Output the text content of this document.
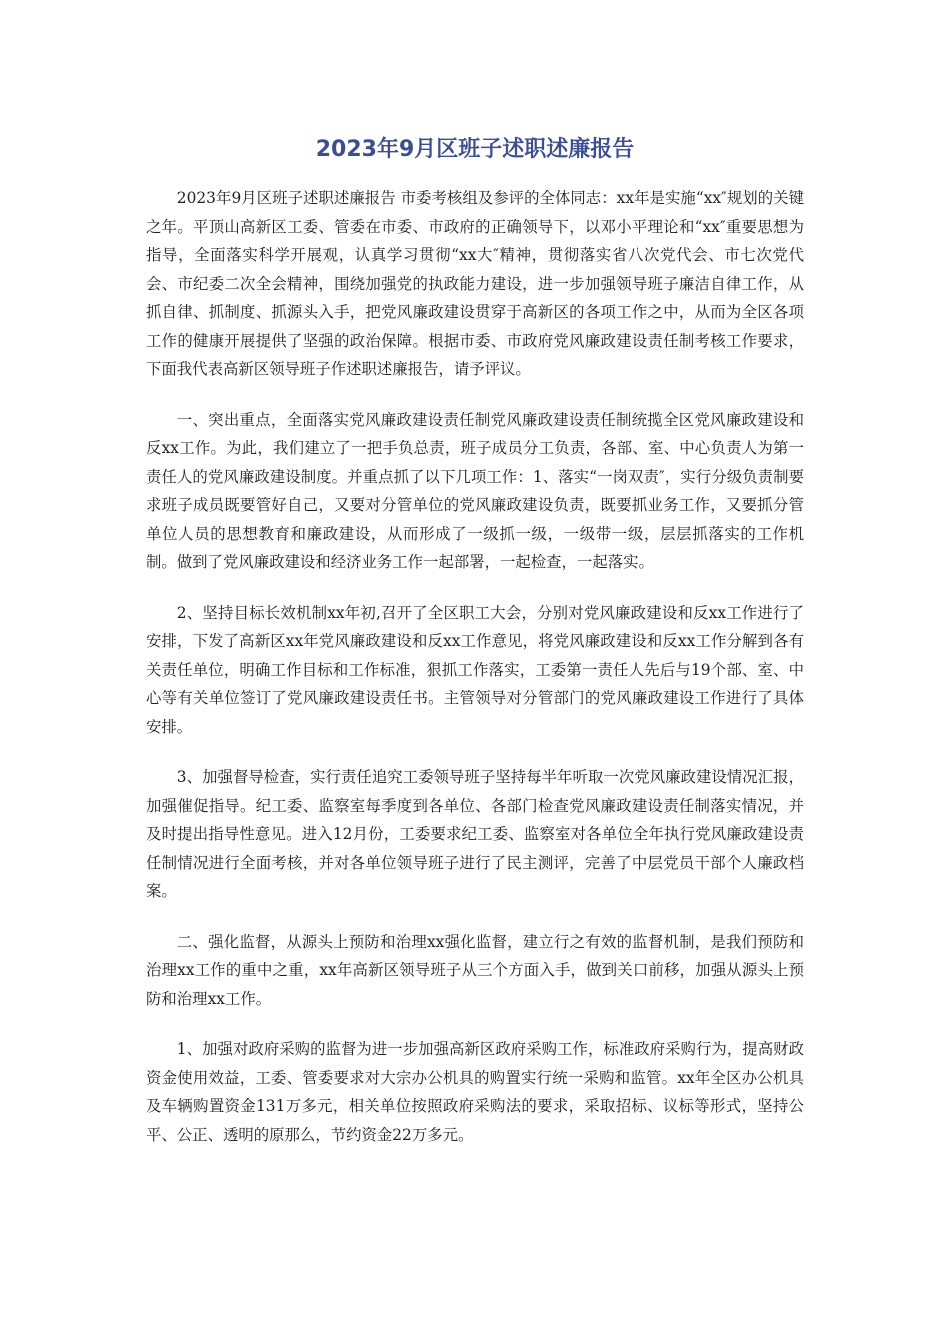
2023年9月区班子述职述廉报告

2023年9月区班子述职述廉报告 市委考核组及参评的全体同志：xx年是实施“xx″规划的关键之年。平顶山高新区工委、管委在市委、市政府的正确领导下，以邓小平理论和“xx″重要思想为指导，全面落实科学开展观，认真学习贯彻“xx大″精神，贯彻落实省八次党代会、市七次党代会、市纪委二次全会精神，围绕加强党的执政能力建设，进一步加强领导班子廉洁自律工作，从抓自律、抓制度、抓源头入手，把党风廉政建设贯穿于高新区的各项工作之中，从而为全区各项工作的健康开展提供了坚强的政治保障。根据市委、市政府党风廉政建设责任制考核工作要求，下面我代表高新区领导班子作述职述廉报告，请予评议。

一、突出重点，全面落实党风廉政建设责任制党风廉政建设责任制统揽全区党风廉政建设和反xx工作。为此，我们建立了一把手负总责，班子成员分工负责，各部、室、中心负责人为第一责任人的党风廉政建设制度。并重点抓了以下几项工作：1、落实“一岗双责″，实行分级负责制要求班子成员既要管好自己，又要对分管单位的党风廉政建设负责，既要抓业务工作，又要抓分管单位人员的思想教育和廉政建设，从而形成了一级抓一级，一级带一级，层层抓落实的工作机制。做到了党风廉政建设和经济业务工作一起部署，一起检查，一起落实。

2、坚持目标长效机制xx年初,召开了全区职工大会，分别对党风廉政建设和反xx工作进行了安排，下发了高新区xx年党风廉政建设和反xx工作意见，将党风廉政建设和反xx工作分解到各有关责任单位，明确工作目标和工作标准，狠抓工作落实，工委第一责任人先后与19个部、室、中心等有关单位签订了党风廉政建设责任书。主管领导对分管部门的党风廉政建设工作进行了具体安排。

3、加强督导检查，实行责任追究工委领导班子坚持每半年听取一次党风廉政建设情况汇报，加强催促指导。纪工委、监察室每季度到各单位、各部门检查党风廉政建设责任制落实情况，并及时提出指导性意见。进入12月份，工委要求纪工委、监察室对各单位全年执行党风廉政建设责任制情况进行全面考核，并对各单位领导班子进行了民主测评，完善了中层党员干部个人廉政档案。

二、强化监督，从源头上预防和治理xx强化监督，建立行之有效的监督机制，是我们预防和治理xx工作的重中之重，xx年高新区领导班子从三个方面入手，做到关口前移，加强从源头上预防和治理xx工作。

1、加强对政府采购的监督为进一步加强高新区政府采购工作，标准政府采购行为，提高财政资金使用效益，工委、管委要求对大宗办公机具的购置实行统一采购和监管。xx年全区办公机具及车辆购置资金131万多元，相关单位按照政府采购法的要求，采取招标、议标等形式，坚持公平、公正、透明的原那么，节约资金22万多元。
